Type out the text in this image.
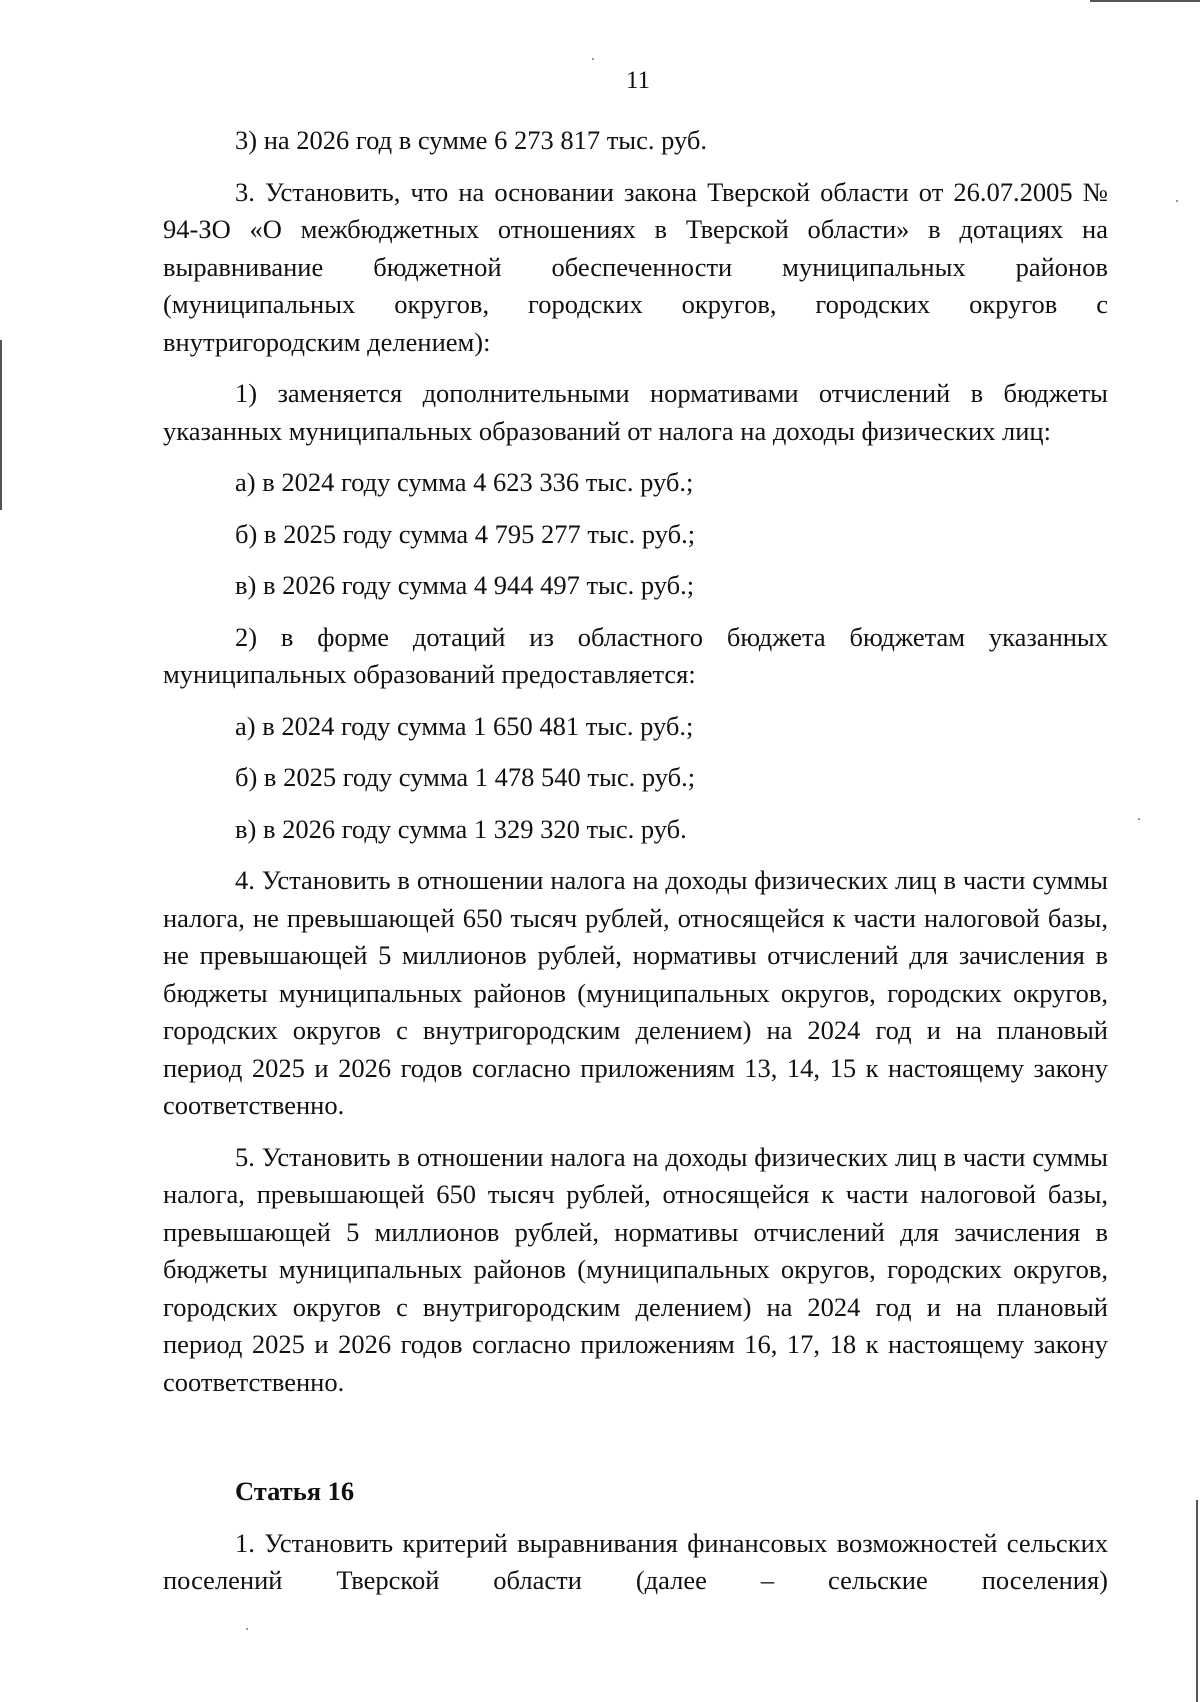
11
3) на 2026 год в сумме 6 273 817 тыс. руб.

3. Установить, что на основании закона Тверской области от 26.07.2005 № 94-ЗО «О межбюджетных отношениях в Тверской области» в дотациях на выравнивание бюджетной обеспеченности муниципальных районов (муниципальных округов, городских округов, городских округов с внутригородским делением):

1) заменяется дополнительными нормативами отчислений в бюджеты указанных муниципальных образований от налога на доходы физических лиц:

а) в 2024 году сумма 4 623 336 тыс. руб.;
б) в 2025 году сумма 4 795 277 тыс. руб.;
в) в 2026 году сумма 4 944 497 тыс. руб.;

2) в форме дотаций из областного бюджета бюджетам указанных муниципальных образований предоставляется:

а) в 2024 году сумма 1 650 481 тыс. руб.;
б) в 2025 году сумма 1 478 540 тыс. руб.;
в) в 2026 году сумма 1 329 320 тыс. руб.

4. Установить в отношении налога на доходы физических лиц в части суммы налога, не превышающей 650 тысяч рублей, относящейся к части налоговой базы, не превышающей 5 миллионов рублей, нормативы отчислений для зачисления в бюджеты муниципальных районов (муниципальных округов, городских округов, городских округов с внутригородским делением) на 2024 год и на плановый период 2025 и 2026 годов согласно приложениям 13, 14, 15 к настоящему закону соответственно.

5. Установить в отношении налога на доходы физических лиц в части суммы налога, превышающей 650 тысяч рублей, относящейся к части налоговой базы, превышающей 5 миллионов рублей, нормативы отчислений для зачисления в бюджеты муниципальных районов (муниципальных округов, городских округов, городских округов с внутригородским делением) на 2024 год и на плановый период 2025 и 2026 годов согласно приложениям 16, 17, 18 к настоящему закону соответственно.

Статья 16

1. Установить критерий выравнивания финансовых возможностей сельских поселений Тверской области (далее – сельские поселения)
